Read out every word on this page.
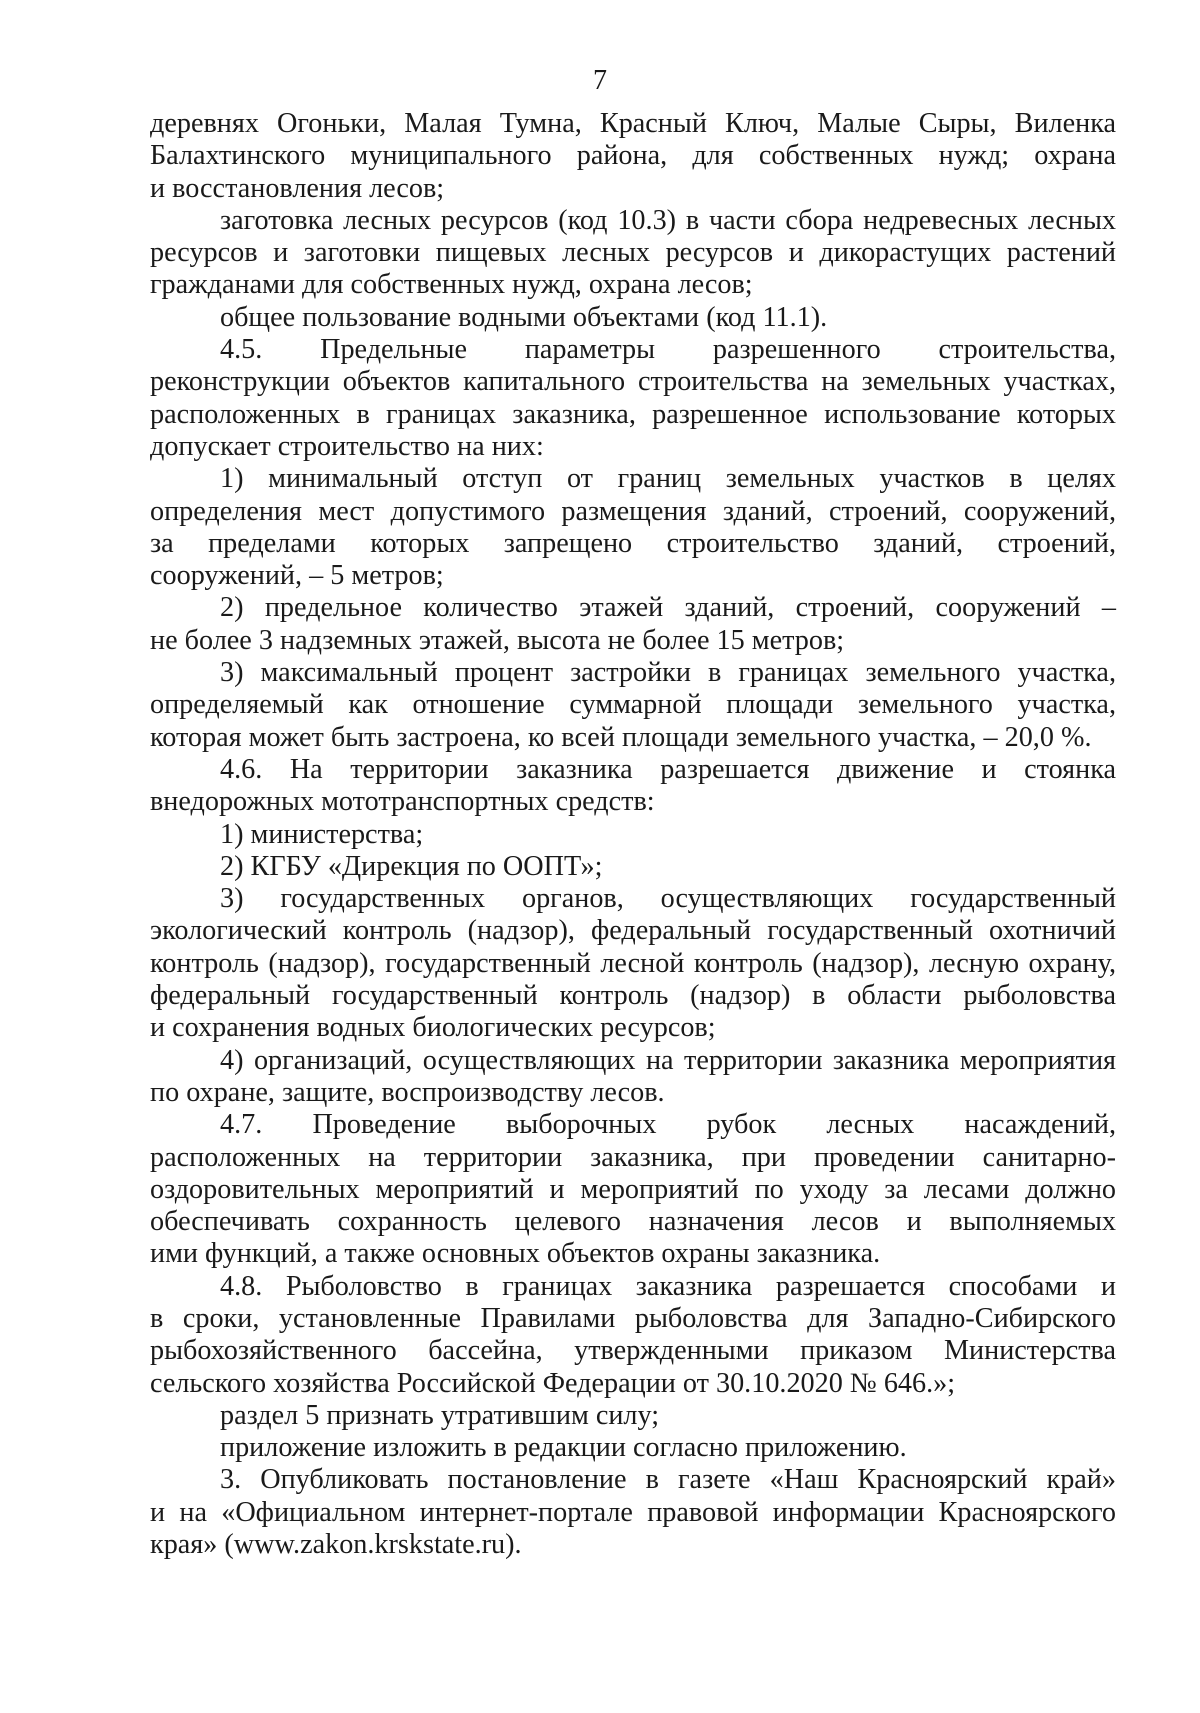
7

деревнях Огоньки, Малая Тумна, Красный Ключ, Малые Сыры, Виленка

Балахтинского муниципального района, для собственных нужд; охрана

и восстановления лесов;

заготовка лесных ресурсов (код 10.3) в части сбора недревесных лесных

ресурсов и заготовки пищевых лесных ресурсов и дикорастущих растений

гражданами для собственных нужд, охрана лесов;

общее пользование водными объектами (код 11.1).

4.5. Предельные параметры разрешенного строительства,

реконструкции объектов капитального строительства на земельных участках,

расположенных в границах заказника, разрешенное использование которых

допускает строительство на них:

1) минимальный отступ от границ земельных участков в целях

определения мест допустимого размещения зданий, строений, сооружений,

за пределами которых запрещено строительство зданий, строений,

сооружений, – 5 метров;

2) предельное количество этажей зданий, строений, сооружений –

не более 3 надземных этажей, высота не более 15 метров;

3) максимальный процент застройки в границах земельного участка,

определяемый как отношение суммарной площади земельного участка,

которая может быть застроена, ко всей площади земельного участка, – 20,0 %.

4.6. На территории заказника разрешается движение и стоянка

внедорожных мототранспортных средств:

1) министерства;

2) КГБУ «Дирекция по ООПТ»;

3) государственных органов, осуществляющих государственный

экологический контроль (надзор), федеральный государственный охотничий

контроль (надзор), государственный лесной контроль (надзор), лесную охрану,

федеральный государственный контроль (надзор) в области рыболовства

и сохранения водных биологических ресурсов;

4) организаций, осуществляющих на территории заказника мероприятия

по охране, защите, воспроизводству лесов.

4.7. Проведение выборочных рубок лесных насаждений,

расположенных на территории заказника, при проведении санитарно-

оздоровительных мероприятий и мероприятий по уходу за лесами должно

обеспечивать сохранность целевого назначения лесов и выполняемых

ими функций, а также основных объектов охраны заказника.

4.8. Рыболовство в границах заказника разрешается способами и

в сроки, установленные Правилами рыболовства для Западно-Сибирского

рыбохозяйственного бассейна, утвержденными приказом Министерства

сельского хозяйства Российской Федерации от 30.10.2020 № 646.»;

раздел 5 признать утратившим силу;

приложение изложить в редакции согласно приложению.

3. Опубликовать постановление в газете «Наш Красноярский край»

и на «Официальном интернет-портале правовой информации Красноярского

края» (www.zakon.krskstate.ru).
